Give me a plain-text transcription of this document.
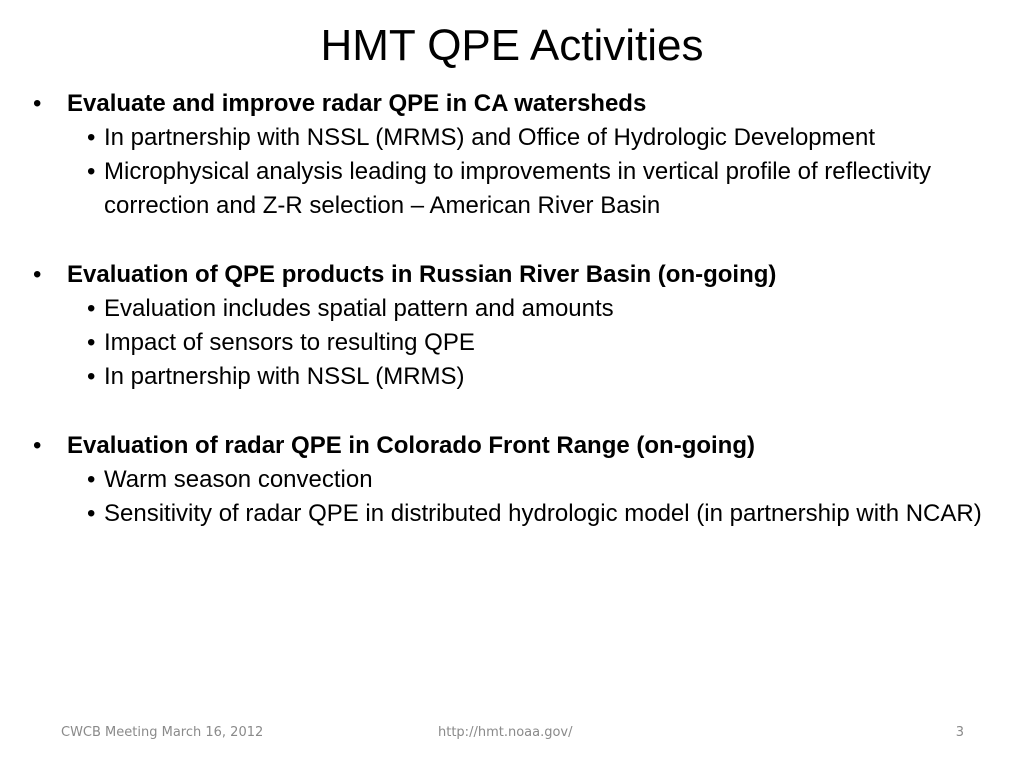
HMT QPE Activities
• Evaluate and improve radar QPE in CA watersheds
• In partnership with NSSL (MRMS) and Office of Hydrologic Development
• Microphysical analysis leading to improvements in vertical profile of reflectivity correction and Z-R selection – American River Basin
• Evaluation of QPE products in Russian River Basin (on-going)
• Evaluation includes spatial pattern and amounts
• Impact of sensors to resulting QPE
• In partnership with NSSL (MRMS)
• Evaluation of radar QPE in Colorado Front Range (on-going)
• Warm season convection
• Sensitivity of radar QPE in distributed hydrologic model (in partnership with NCAR)
CWCB Meeting March 16, 2012	http://hmt.noaa.gov/	3
